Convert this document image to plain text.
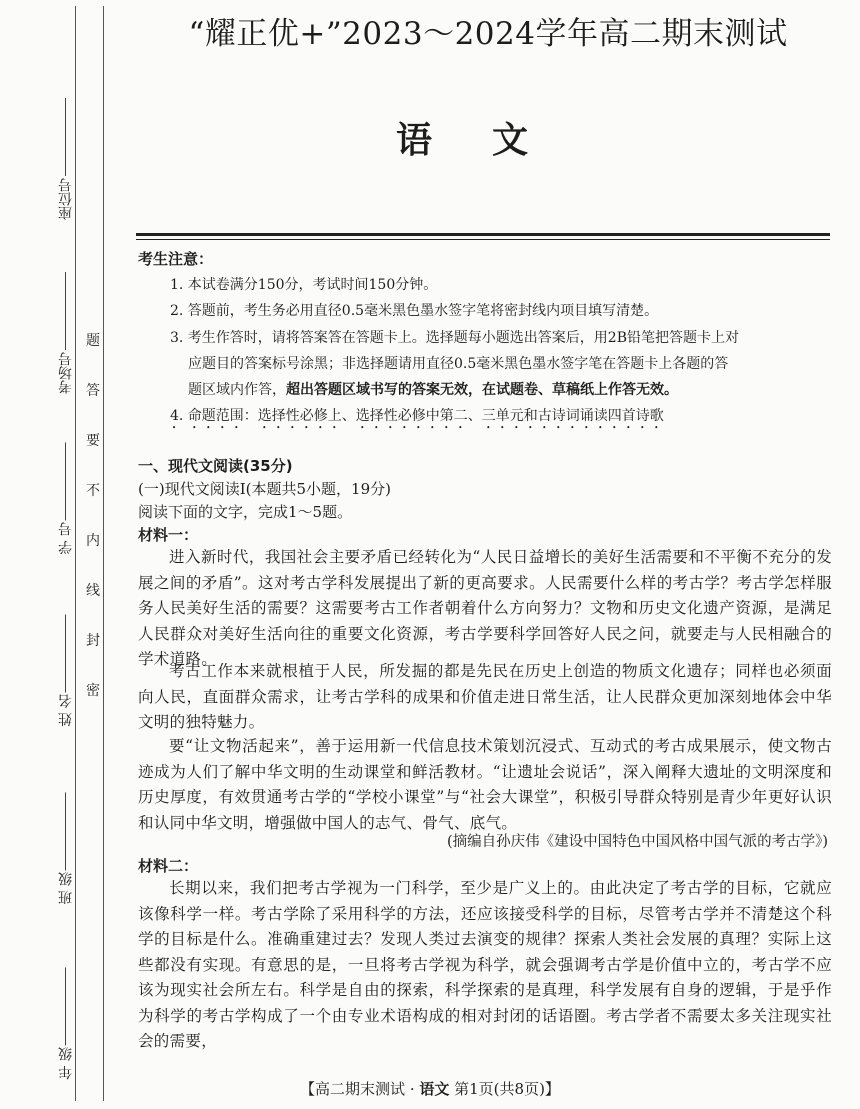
座位号
考场号
学 号
姓 名
班 级
年 级
题
答
要
不
内
线
封
密
“耀正优+”2023～2024学年高二期末测试
语文
考生注意：
1. 本试卷满分150分，考试时间150分钟。
2. 答题前，考生务必用直径0.5毫米黑色墨水签字笔将密封线内项目填写清楚。
3. 考生作答时，请将答案答在答题卡上。选择题每小题选出答案后，用2B铅笔把答题卡上对
应题目的答案标号涂黑；非选择题请用直径0.5毫米黑色墨水签字笔在答题卡上各题的答
题区域内作答，超出答题区域书写的答案无效，在试题卷、草稿纸上作答无效。
4. 命题范围：选择性必修上、选择性必修中第二、三单元和古诗词诵读四首诗歌
一、现代文阅读(35分)
(一)现代文阅读Ⅰ(本题共5小题，19分)
阅读下面的文字，完成1～5题。
材料一：
进入新时代，我国社会主要矛盾已经转化为“人民日益增长的美好生活需要和不平衡不充分的发展之间的矛盾”。这对考古学科发展提出了新的更高要求。人民需要什么样的考古学？考古学怎样服务人民美好生活的需要？这需要考古工作者朝着什么方向努力？文物和历史文化遗产资源，是满足人民群众对美好生活向往的重要文化资源，考古学要科学回答好人民之问，就要走与人民相融合的学术道路。
考古工作本来就根植于人民，所发掘的都是先民在历史上创造的物质文化遗存；同样也必须面向人民，直面群众需求，让考古学科的成果和价值走进日常生活，让人民群众更加深刻地体会中华文明的独特魅力。
要“让文物活起来”，善于运用新一代信息技术策划沉浸式、互动式的考古成果展示，使文物古迹成为人们了解中华文明的生动课堂和鲜活教材。“让遗址会说话”，深入阐释大遗址的文明深度和历史厚度，有效贯通考古学的“学校小课堂”与“社会大课堂”，积极引导群众特别是青少年更好认识和认同中华文明，增强做中国人的志气、骨气、底气。
(摘编自孙庆伟《建设中国特色中国风格中国气派的考古学》)
材料二：
长期以来，我们把考古学视为一门科学，至少是广义上的。由此决定了考古学的目标，它就应该像科学一样。考古学除了采用科学的方法，还应该接受科学的目标，尽管考古学并不清楚这个科学的目标是什么。准确重建过去？发现人类过去演变的规律？探索人类社会发展的真理？实际上这些都没有实现。有意思的是，一旦将考古学视为科学，就会强调考古学是价值中立的，考古学不应该为现实社会所左右。科学是自由的探索，科学探索的是真理，科学发展有自身的逻辑，于是乎作为科学的考古学构成了一个由专业术语构成的相对封闭的话语圈。考古学者不需要太多关注现实社会的需要，
【高二期末测试 · 语文 第1页(共8页)】
